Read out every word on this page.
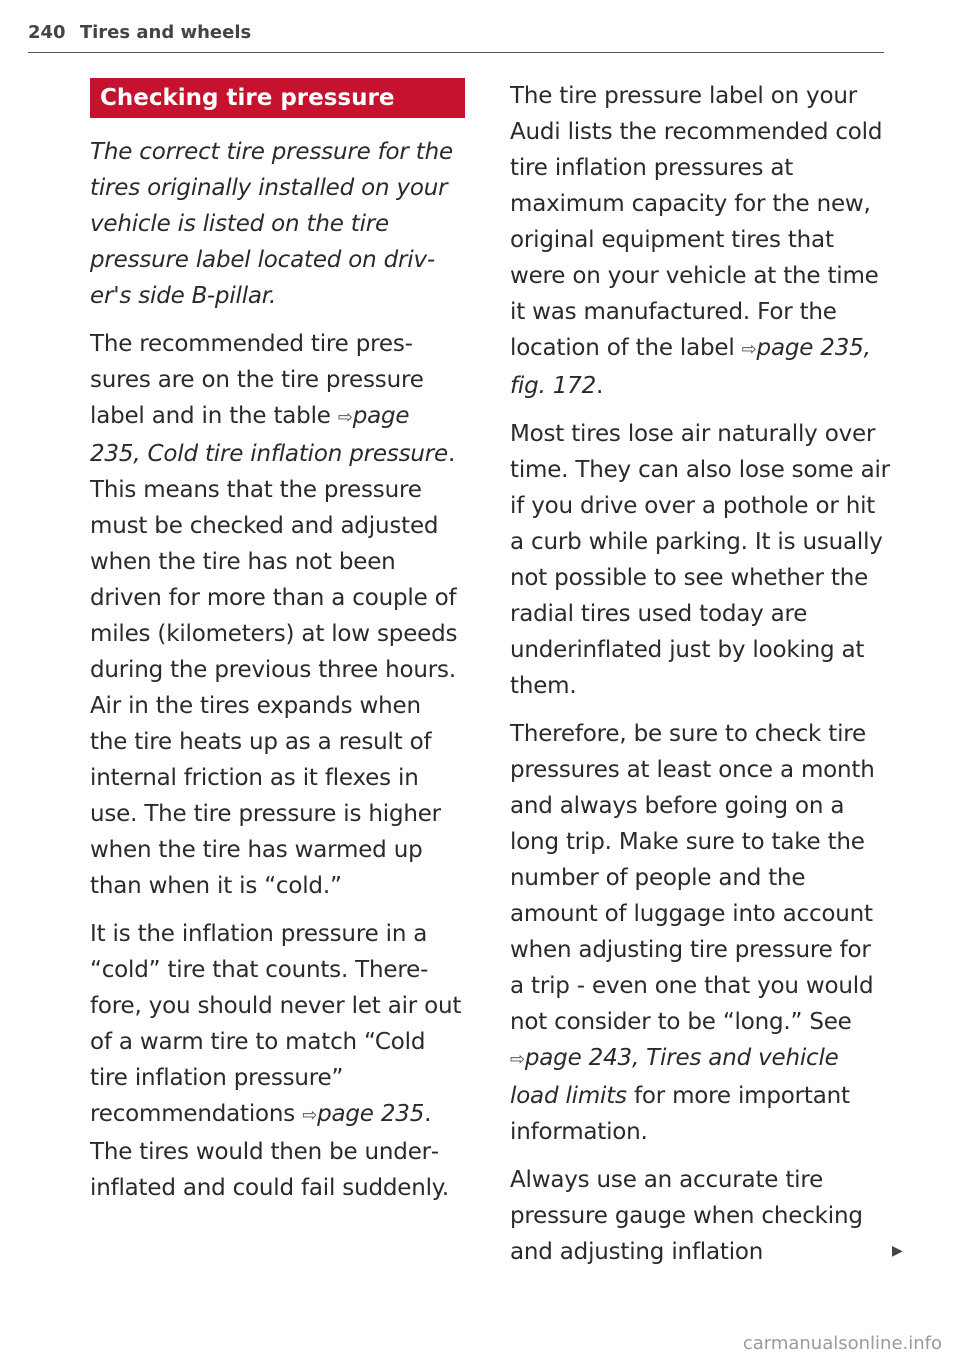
240 Tires and wheels
Checking tire pressure

The correct tire pressure for the tires originally installed on your vehicle is listed on the tire pressure label located on driver's side B-pillar.

The recommended tire pressures are on the tire pressure label and in the table ⇨page 235, Cold tire inflation pressure. This means that the pressure must be checked and adjusted when the tire has not been driven for more than a couple of miles (kilometers) at low speeds during the previous three hours. Air in the tires expands when the tire heats up as a result of internal friction as it flexes in use. The tire pressure is higher when the tire has warmed up than when it is “cold.”

It is the inflation pressure in a “cold” tire that counts. Therefore, you should never let air out of a warm tire to match “Cold tire inflation pressure” recommendations ⇨page 235. The tires would then be underinflated and could fail suddenly.

The tire pressure label on your Audi lists the recommended cold tire inflation pressures at maximum capacity for the new, original equipment tires that were on your vehicle at the time it was manufactured. For the location of the label ⇨page 235, fig. 172.

Most tires lose air naturally over time. They can also lose some air if you drive over a pothole or hit a curb while parking. It is usually not possible to see whether the radial tires used today are underinflated just by looking at them.

Therefore, be sure to check tire pressures at least once a month and always before going on a long trip. Make sure to take the number of people and the amount of luggage into account when adjusting tire pressure for a trip - even one that you would not consider to be “long.” See ⇨page 243, Tires and vehicle load limits for more important information.

Always use an accurate tire pressure gauge when checking and adjusting inflation	▶
carmanualsonline.info
